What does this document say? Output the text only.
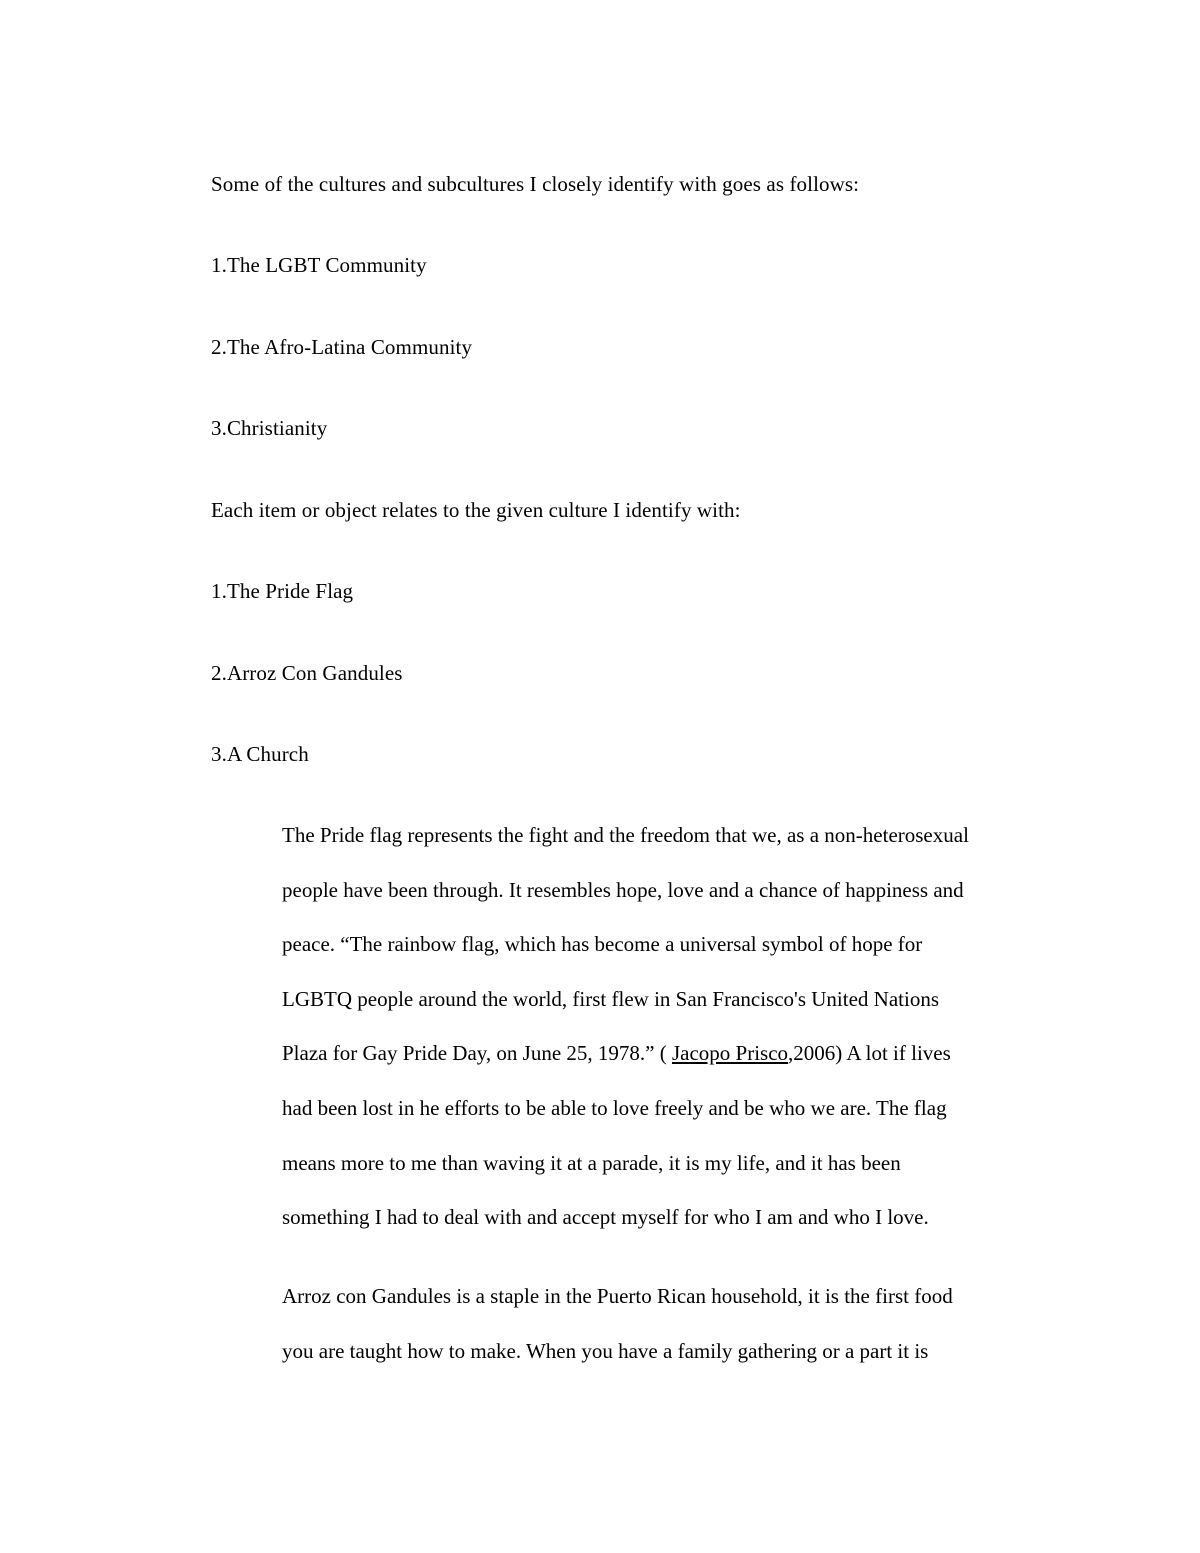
Some of the cultures and subcultures I closely identify with goes as follows:
1.The LGBT Community
2.The Afro-Latina Community
3.Christianity
Each item or object relates to the given culture I identify with:
1.The Pride Flag
2.Arroz Con Gandules
3.A Church
The Pride flag represents the fight and the freedom that we, as a non-heterosexual
people have been through. It resembles hope, love and a chance of happiness and
peace. “The rainbow flag, which has become a universal symbol of hope for
LGBTQ people around the world, first flew in San Francisco's United Nations
Plaza for Gay Pride Day, on June 25, 1978.” ( Jacopo Prisco,2006) A lot if lives
had been lost in he efforts to be able to love freely and be who we are. The flag
means more to me than waving it at a parade, it is my life, and it has been
something I had to deal with and accept myself for who I am and who I love.
Arroz con Gandules is a staple in the Puerto Rican household, it is the first food
you are taught how to make. When you have a family gathering or a part it is
